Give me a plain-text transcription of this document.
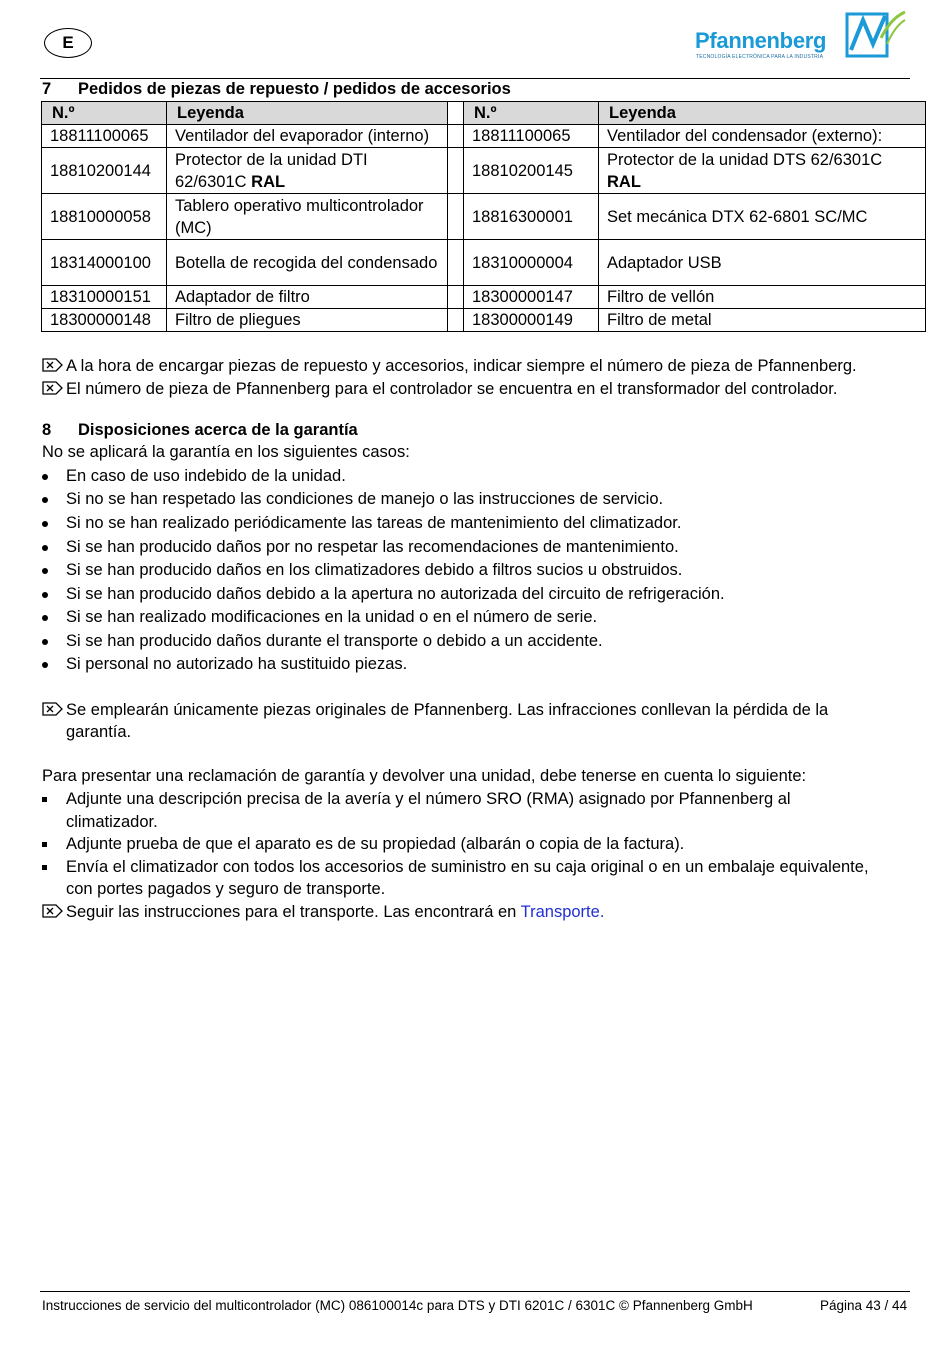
E	Pfannenberg
TECNOLOGÍA ELECTRÓNICA PARA LA INDUSTRIA
7 Pedidos de piezas de repuesto / pedidos de accesorios
N.º	Leyenda		N.º	Leyenda
18811100065	Ventilador del evaporador (interno)		18811100065	Ventilador del condensador (externo):
18810200144	Protector de la unidad DTI 62/6301C RAL		18810200145	Protector de la unidad DTS 62/6301C
RAL
18810000058	Tablero operativo multicontrolador (MC)		18816300001	Set mecánica DTX 62-6801 SC/MC
18314000100	Botella de recogida del condensado		18310000004	Adaptador USB
18310000151	Adaptador de filtro		18300000147	Filtro de vellón
18300000148	Filtro de pliegues		18300000149	Filtro de metal
A la hora de encargar piezas de repuesto y accesorios, indicar siempre el número de pieza de Pfannenberg.
El número de pieza de Pfannenberg para el controlador se encuentra en el transformador del controlador.
8 Disposiciones acerca de la garantía
No se aplicará la garantía en los siguientes casos:
En caso de uso indebido de la unidad.
Si no se han respetado las condiciones de manejo o las instrucciones de servicio.
Si no se han realizado periódicamente las tareas de mantenimiento del climatizador.
Si se han producido daños por no respetar las recomendaciones de mantenimiento.
Si se han producido daños en los climatizadores debido a filtros sucios u obstruidos.
Si se han producido daños debido a la apertura no autorizada del circuito de refrigeración.
Si se han realizado modificaciones en la unidad o en el número de serie.
Si se han producido daños durante el transporte o debido a un accidente.
Si personal no autorizado ha sustituido piezas.
Se emplearán únicamente piezas originales de Pfannenberg. Las infracciones conllevan la pérdida de la
garantía.
Para presentar una reclamación de garantía y devolver una unidad, debe tenerse en cuenta lo siguiente:
Adjunte una descripción precisa de la avería y el número SRO (RMA) asignado por Pfannenberg al
climatizador.
Adjunte prueba de que el aparato es de su propiedad (albarán o copia de la factura).
Envía el climatizador con todos los accesorios de suministro en su caja original o en un embalaje equivalente,
con portes pagados y seguro de transporte.
Seguir las instrucciones para el transporte. Las encontrará en Transporte.
Instrucciones de servicio del multicontrolador (MC) 086100014c para DTS y DTI 6201C / 6301C © Pfannenberg GmbH	Página 43 / 44
